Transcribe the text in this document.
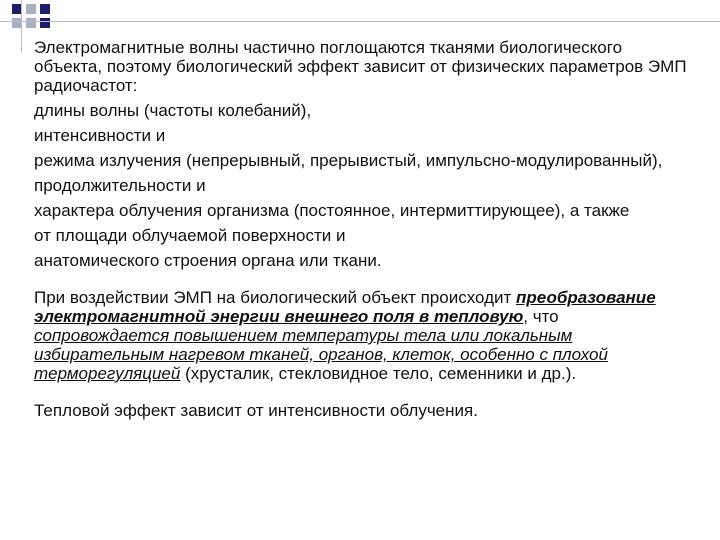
Электромагнитные волны частично поглощаются тканями биологического объекта, поэтому биологический эффект зависит от физических параметров ЭМП радиочастот:

длины волны (частоты колебаний),

интенсивности и

режима излучения (непрерывный, прерывистый, импульсно-модулированный),

продолжительности и

характера облучения организма (постоянное, интермиттирующее), а также

от площади облучаемой поверхности и

анатомического строения органа или ткани.

При воздействии ЭМП на биологический объект происходит преобразование электромагнитной энергии внешнего поля в тепловую, что сопровождается повышением температуры тела или локальным избирательным нагревом тканей, органов, клеток, особенно с плохой терморегуляцией (хрусталик, стекловидное тело, семенники и др.).

Тепловой эффект зависит от интенсивности облучения.
